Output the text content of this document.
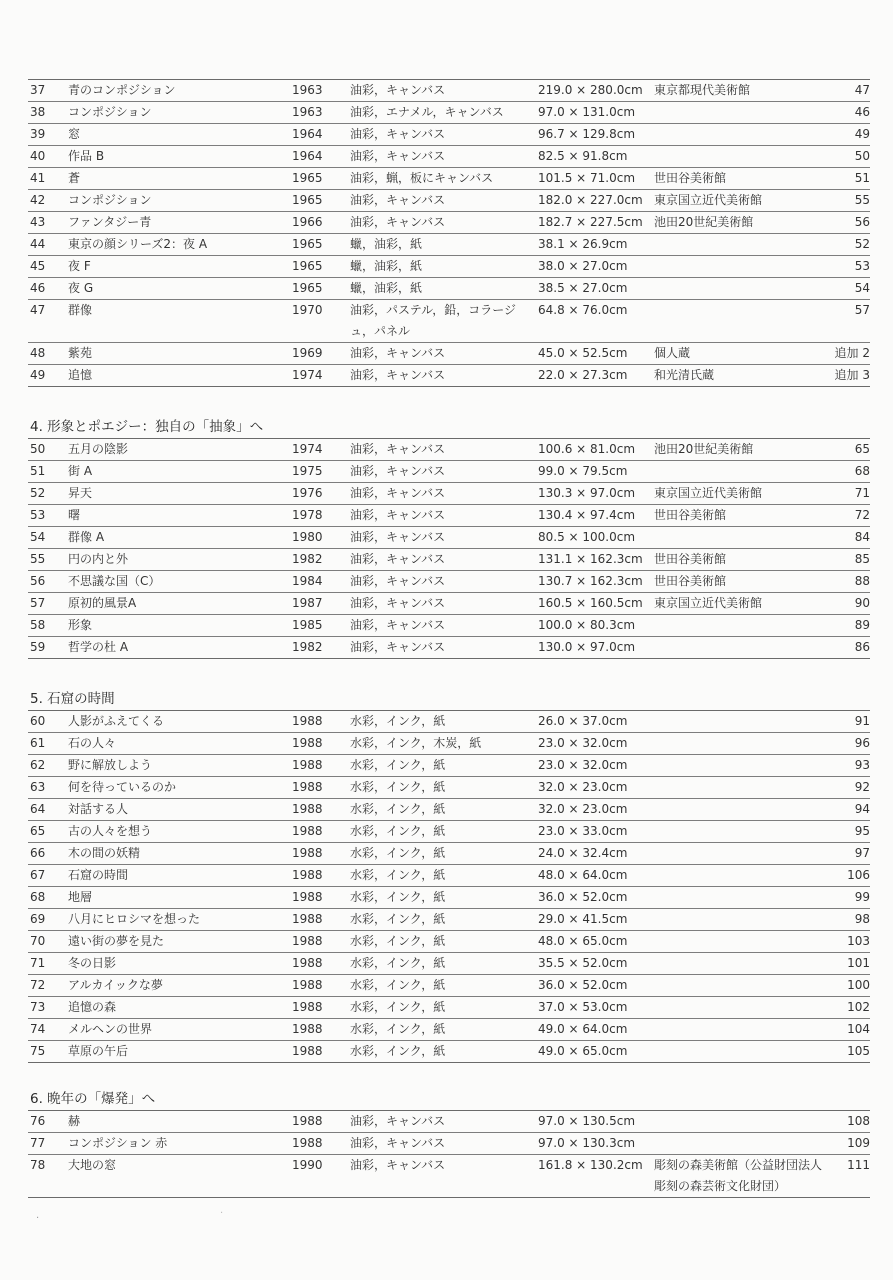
37	青のコンポジション	1963	油彩，キャンバス	219.0 × 280.0cm	東京都現代美術館	47
38	コンポジション	1963	油彩，エナメル，キャンバス	97.0 × 131.0cm		46
39	窓	1964	油彩，キャンバス	96.7 × 129.8cm		49
40	作品 B	1964	油彩，キャンバス	82.5 × 91.8cm		50
41	蒼	1965	油彩，蝋，板にキャンバス	101.5 × 71.0cm	世田谷美術館	51
42	コンポジション	1965	油彩，キャンバス	182.0 × 227.0cm	東京国立近代美術館	55
43	ファンタジー青	1966	油彩，キャンバス	182.7 × 227.5cm	池田20世紀美術館	56
44	東京の顔シリーズ2：夜 A	1965	蠟，油彩，紙	38.1 × 26.9cm		52
45	夜 F	1965	蠟，油彩，紙	38.0 × 27.0cm		53
46	夜 G	1965	蠟，油彩，紙	38.5 × 27.0cm		54
47	群像	1970	油彩，パステル，鉛，コラージュ，パネル	64.8 × 76.0cm		57
48	紫苑	1969	油彩，キャンバス	45.0 × 52.5cm	個人蔵	追加 2
49	追憶	1974	油彩，キャンバス	22.0 × 27.3cm	和光清氏蔵	追加 3
4. 形象とポエジー：独自の「抽象」へ
50	五月の陰影	1974	油彩，キャンバス	100.6 × 81.0cm	池田20世紀美術館	65
51	街 A	1975	油彩，キャンバス	99.0 × 79.5cm		68
52	昇天	1976	油彩，キャンバス	130.3 × 97.0cm	東京国立近代美術館	71
53	曙	1978	油彩，キャンバス	130.4 × 97.4cm	世田谷美術館	72
54	群像 A	1980	油彩，キャンバス	80.5 × 100.0cm		84
55	円の内と外	1982	油彩，キャンバス	131.1 × 162.3cm	世田谷美術館	85
56	不思議な国（C）	1984	油彩，キャンバス	130.7 × 162.3cm	世田谷美術館	88
57	原初的風景A	1987	油彩，キャンバス	160.5 × 160.5cm	東京国立近代美術館	90
58	形象	1985	油彩，キャンバス	100.0 × 80.3cm		89
59	哲学の杜 A	1982	油彩，キャンバス	130.0 × 97.0cm		86
5. 石窟の時間
60	人影がふえてくる	1988	水彩，インク，紙	26.0 × 37.0cm		91
61	石の人々	1988	水彩，インク，木炭，紙	23.0 × 32.0cm		96
62	野に解放しよう	1988	水彩，インク，紙	23.0 × 32.0cm		93
63	何を待っているのか	1988	水彩，インク，紙	32.0 × 23.0cm		92
64	対話する人	1988	水彩，インク，紙	32.0 × 23.0cm		94
65	古の人々を想う	1988	水彩，インク，紙	23.0 × 33.0cm		95
66	木の間の妖精	1988	水彩，インク，紙	24.0 × 32.4cm		97
67	石窟の時間	1988	水彩，インク，紙	48.0 × 64.0cm		106
68	地層	1988	水彩，インク，紙	36.0 × 52.0cm		99
69	八月にヒロシマを想った	1988	水彩，インク，紙	29.0 × 41.5cm		98
70	遠い街の夢を見た	1988	水彩，インク，紙	48.0 × 65.0cm		103
71	冬の日影	1988	水彩，インク，紙	35.5 × 52.0cm		101
72	アルカイックな夢	1988	水彩，インク，紙	36.0 × 52.0cm		100
73	追憶の森	1988	水彩，インク，紙	37.0 × 53.0cm		102
74	メルヘンの世界	1988	水彩，インク，紙	49.0 × 64.0cm		104
75	草原の午后	1988	水彩，インク，紙	49.0 × 65.0cm		105
6. 晩年の「爆発」へ
76	赫	1988	油彩，キャンバス	97.0 × 130.5cm		108
77	コンポジション 赤	1988	油彩，キャンバス	97.0 × 130.3cm		109
78	大地の窓	1990	油彩，キャンバス	161.8 × 130.2cm	彫刻の森美術館（公益財団法人 彫刻の森芸術文化財団）	111
·	·
